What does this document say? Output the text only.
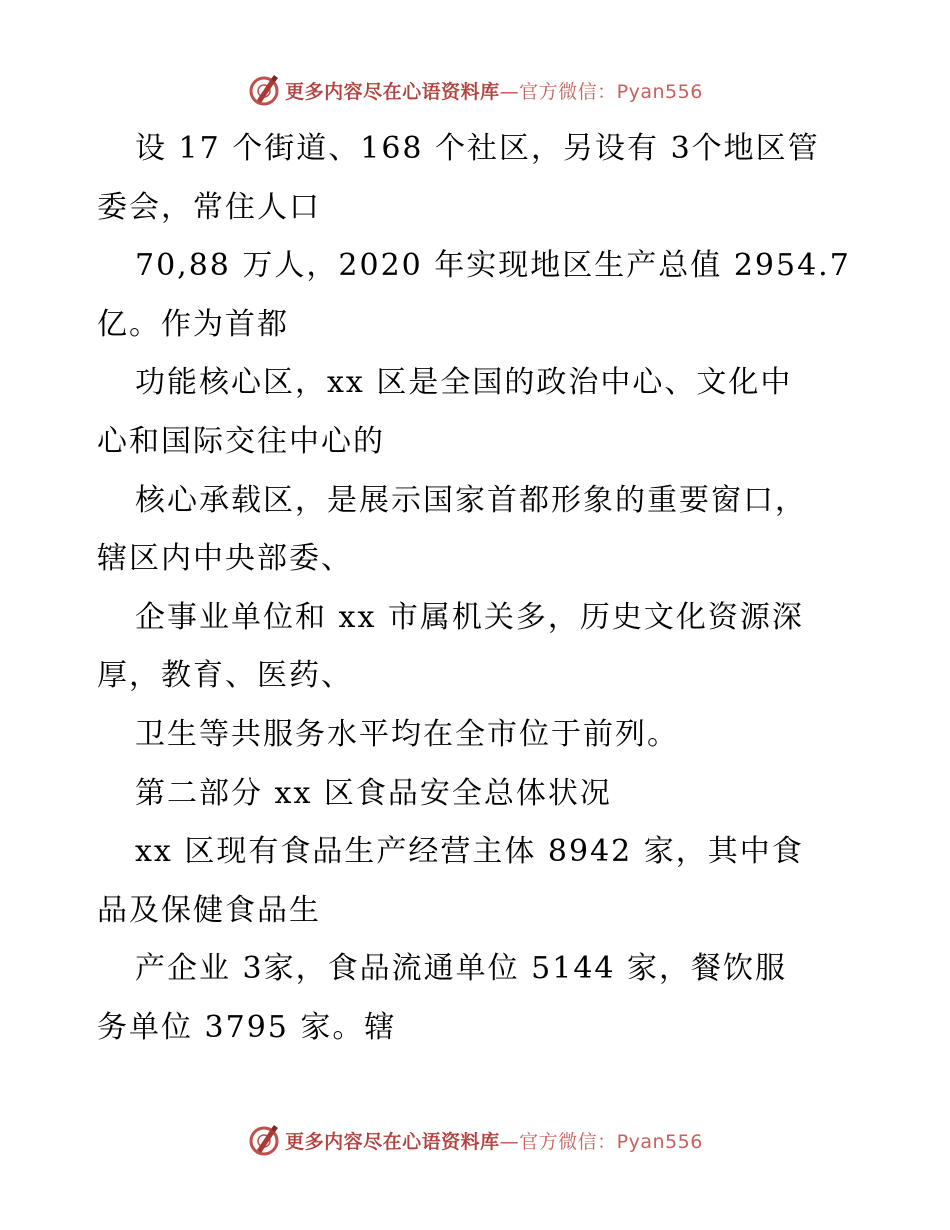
更多内容尽在心语资料库—官方微信：Pyan556
设 17 个街道、168 个社区，另设有 3个地区管
委会，常住人口
70,88 万人，2020 年实现地区生产总值 2954.7
亿。作为首都
功能核心区，xx 区是全国的政治中心、文化中
心和国际交往中心的
核心承载区，是展示国家首都形象的重要窗口，
辖区内中央部委、
企事业单位和 xx 市属机关多，历史文化资源深
厚，教育、医药、
卫生等共服务水平均在全市位于前列。
第二部分 xx 区食品安全总体状况
xx 区现有食品生产经营主体 8942 家，其中食
品及保健食品生
产企业 3家，食品流通单位 5144 家，餐饮服
务单位 3795 家。辖
更多内容尽在心语资料库—官方微信：Pyan556
